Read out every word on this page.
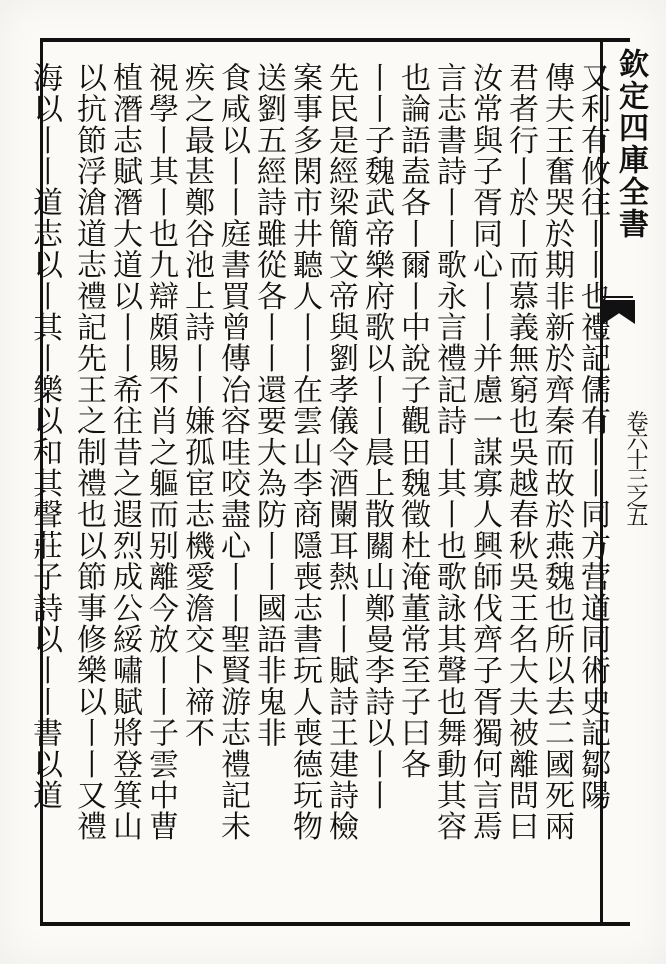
欽定四庫全書
卷六十三之五
又利有攸往丨丨也禮記儒有丨丨同方营道同術史記鄒陽
傳夫王奮哭於期非新於齊秦而故於燕魏也所以去二國死兩
君者行丨於丨而慕義無窮也吳越春秋吳王名大夫被離問曰
汝常與子胥同心丨丨并慮一謀寡人興師伐齊子胥獨何言焉
言志書詩丨丨歌永言禮記詩丨其丨也歌詠其聲也舞動其容
也論語盍各丨爾丨中說子觀田魏徵杜淹董常至子曰各
丨丨子魏武帝樂府歌以丨丨晨上散關山鄭曼李詩以丨丨
先民是經梁簡文帝與劉孝儀令酒闌耳熱丨丨賦詩王建詩檢
案事多閑市井聽人丨丨在雲山李商隱喪志書玩人喪德玩物
送劉五經詩雖從各丨丨還要大為防丨丨國語非鬼非
食咸以丨丨庭書買曾傳冶容哇咬盡心丨丨聖賢游志禮記未
疾之最甚鄭谷池上詩丨丨嫌孤宦志機愛澹交卜禘不
視學丨其丨也九辯頗賜不肖之軀而别離今放丨丨子雲中曹
植潛志賦潛大道以丨丨希往昔之遐烈成公綏嘯賦將登箕山
以抗節浮滄道志禮記先王之制禮也以節事修樂以丨丨又禮
海以丨丨道志以丨其丨樂以和其聲莊子詩以丨丨書以道
